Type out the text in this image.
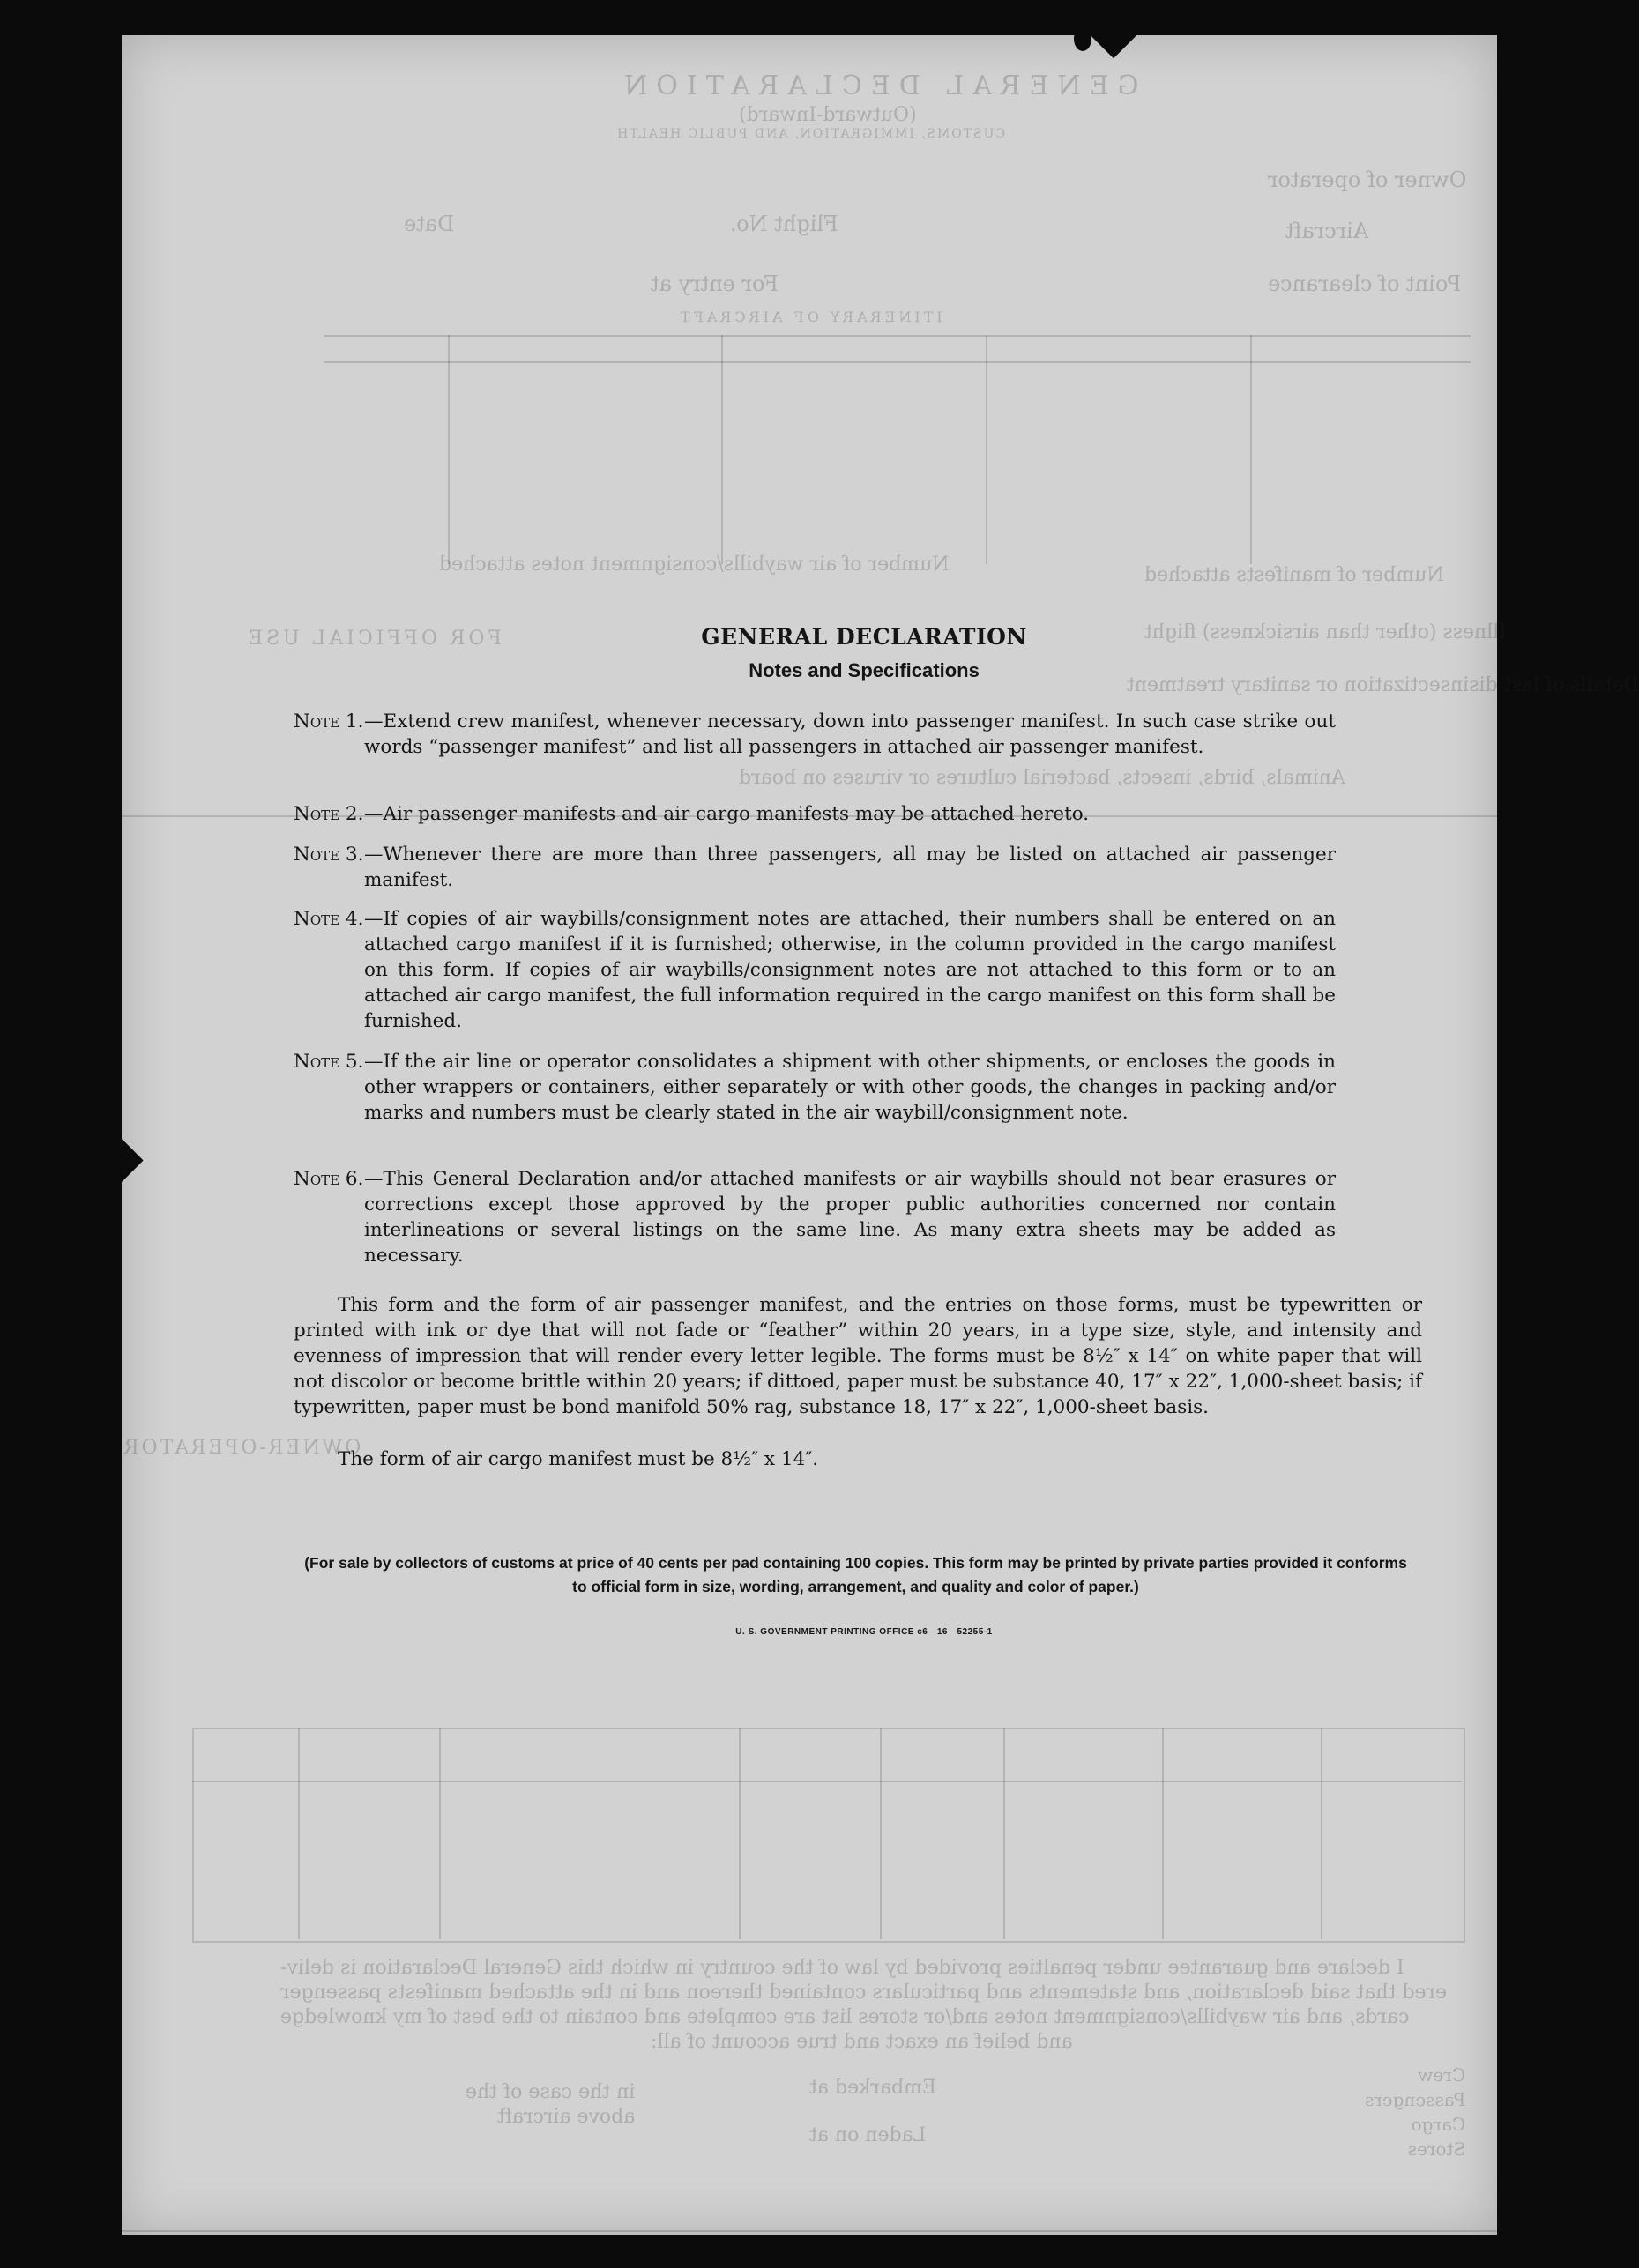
GENERAL DECLARATION
(Outward-Inward)
CUSTOMS, IMMIGRATION, AND PUBLIC HEALTH
Owner of operator
Aircraft
Flight No.
Date
Point of clearance
For entry at
ITINERARY OF AIRCRAFT
Number of manifests attached
Number of air waybills/consignment notes attached
FOR OFFICIAL USE	Illness (other than airsickness) flight
Details of last disinsectization or sanitary treatment
Animals, birds, insects, bacterial cultures or viruses on board
OWNER-OPERATOR
I declare and guarantee under penalties provided by law of the country in which this General Declaration is deliv-
ered that said declaration, and statements and particulars contained thereon and in the attached manifests passenger
cards, and air waybills/consignment notes and/or stores list are complete and contain to the best of my knowledge
and belief an exact and true account of all:
Crew
Passengers
Cargo
Stores
Embarked at
Laden on at
in the case of the
above aircraft
GENERAL DECLARATION
Notes and Specifications
Note 1. —Extend crew manifest, whenever necessary, down into passenger manifest. In such case strike out words “passenger manifest” and list all passengers in attached air passenger manifest.
Note 2. —Air passenger manifests and air cargo manifests may be attached hereto.
Note 3. —Whenever there are more than three passengers, all may be listed on attached air passenger manifest.
Note 4. —If copies of air waybills/consignment notes are attached, their numbers shall be entered on an attached cargo manifest if it is furnished; otherwise, in the column provided in the cargo manifest on this form. If copies of air waybills/consignment notes are not attached to this form or to an attached air cargo manifest, the full information required in the cargo manifest on this form shall be furnished.
Note 5. —If the air line or operator consolidates a shipment with other shipments, or encloses the goods in other wrappers or containers, either separately or with other goods, the changes in packing and/or marks and numbers must be clearly stated in the air waybill/consignment note.
Note 6. —This General Declaration and/or attached manifests or air waybills should not bear erasures or corrections except those approved by the proper public authorities concerned nor contain interlineations or several listings on the same line. As many extra sheets may be added as necessary.
This form and the form of air passenger manifest, and the entries on those forms, must be typewritten or printed with ink or dye that will not fade or “feather” within 20 years, in a type size, style, and intensity and evenness of impression that will render every letter legible. The forms must be 8½″ x 14″ on white paper that will not discolor or become brittle within 20 years; if dittoed, paper must be substance 40, 17″ x 22″, 1,000-sheet basis; if typewritten, paper must be bond manifold 50% rag, substance 18, 17″ x 22″, 1,000-sheet basis.
The form of air cargo manifest must be 8½″ x 14″.
(For sale by collectors of customs at price of 40 cents per pad containing 100 copies. This form may be printed by private parties provided it conforms to official form in size, wording, arrangement, and quality and color of paper.)
U. S. GOVERNMENT PRINTING OFFICE c6—16—52255-1
